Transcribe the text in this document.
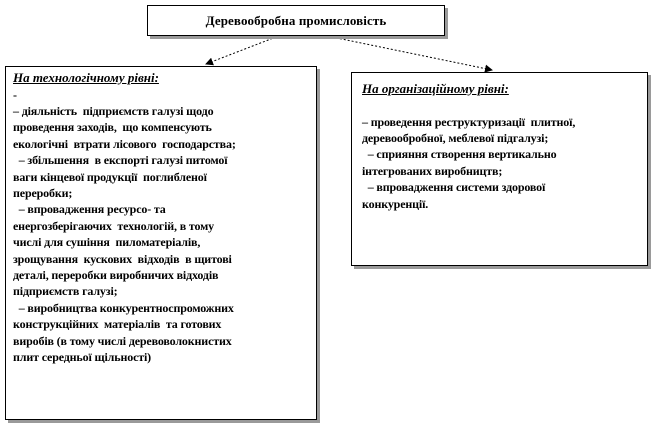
Деревообробна промисловість

На технологічному рівні:

-
– діяльність  підприємств галузі щодо
проведення заходів,  що компенсують
екологічні  втрати лісового  господарства;
– збільшення  в експорті галузі питомої
ваги кінцевої продукції  поглибленої
переробки;
– впровадження ресурсо- та
енергозберігаючих  технологій, в тому
числі для сушіння  пиломатеріалів,
зрощування  кускових  відходів  в щитові
деталі, переробки виробничих відходів
підприємств галузі;
– виробництва конкурентноспроможних
конструкційних  матеріалів  та готових
виробів (в тому числі деревоволокнистих
плит середньої щільності)

На організаційному рівні:

– проведення реструктуризації  плитної,
деревообробної, меблевої підгалузі;
– сприяння створення вертикально
інтегрованих виробництв;
– впровадження системи здорової
конкуренції.
